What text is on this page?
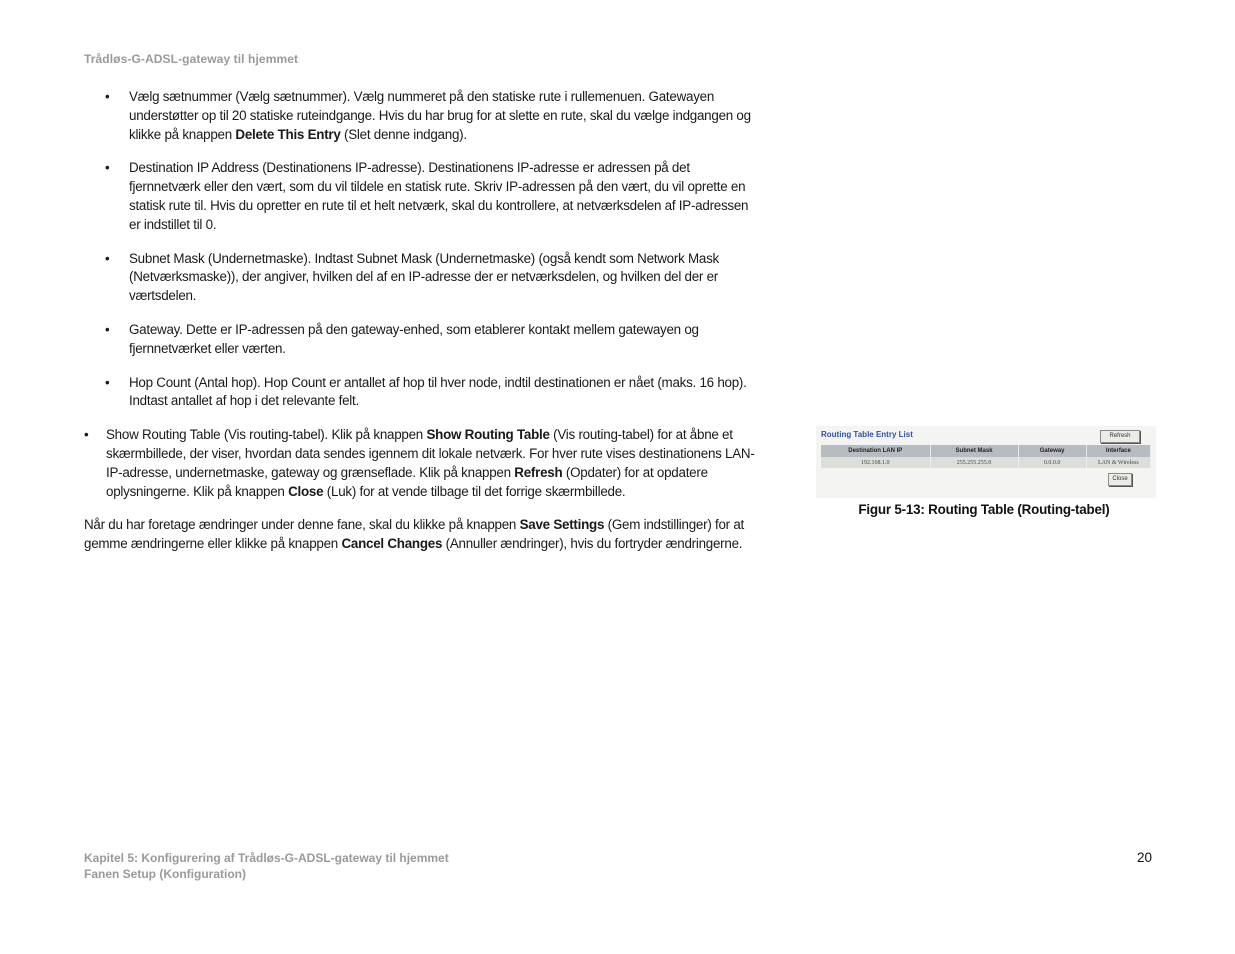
Trådløs-G-ADSL-gateway til hjemmet
• Vælg sætnummer (Vælg sætnummer). Vælg nummeret på den statiske rute i rullemenuen. Gatewayen understøtter op til 20 statiske ruteindgange. Hvis du har brug for at slette en rute, skal du vælge indgangen og klikke på knappen Delete This Entry (Slet denne indgang).

• Destination IP Address (Destinationens IP-adresse). Destinationens IP-adresse er adressen på det fjernnetværk eller den vært, som du vil tildele en statisk rute. Skriv IP-adressen på den vært, du vil oprette en statisk rute til. Hvis du opretter en rute til et helt netværk, skal du kontrollere, at netværksdelen af IP-adressen er indstillet til 0.

• Subnet Mask (Undernetmaske). Indtast Subnet Mask (Undernetmaske) (også kendt som Network Mask (Netværksmaske)), der angiver, hvilken del af en IP-adresse der er netværksdelen, og hvilken del der er værtsdelen.

• Gateway. Dette er IP-adressen på den gateway-enhed, som etablerer kontakt mellem gatewayen og fjernnetværket eller værten.

• Hop Count (Antal hop). Hop Count er antallet af hop til hver node, indtil destinationen er nået (maks. 16 hop). Indtast antallet af hop i det relevante felt.

• Show Routing Table (Vis routing-tabel). Klik på knappen Show Routing Table (Vis routing-tabel) for at åbne et skærmbillede, der viser, hvordan data sendes igennem dit lokale netværk. For hver rute vises destinationens LAN-IP-adresse, undernetmaske, gateway og grænseflade. Klik på knappen Refresh (Opdater) for at opdatere oplysningerne. Klik på knappen Close (Luk) for at vende tilbage til det forrige skærmbillede.

Når du har foretage ændringer under denne fane, skal du klikke på knappen Save Settings (Gem indstillinger) for at gemme ændringerne eller klikke på knappen Cancel Changes (Annuller ændringer), hvis du fortryder ændringerne.

Routing Table Entry List	Refresh
Destination LAN IP	Subnet Mask	Gateway	Interface
192.168.1.0	255.255.255.0	0.0.0.0	LAN & Wireless
Close
Figur 5-13: Routing Table (Routing-tabel)
Kapitel 5: Konfigurering af Trådløs-G-ADSL-gateway til hjemmet
Fanen Setup (Konfiguration)
20
